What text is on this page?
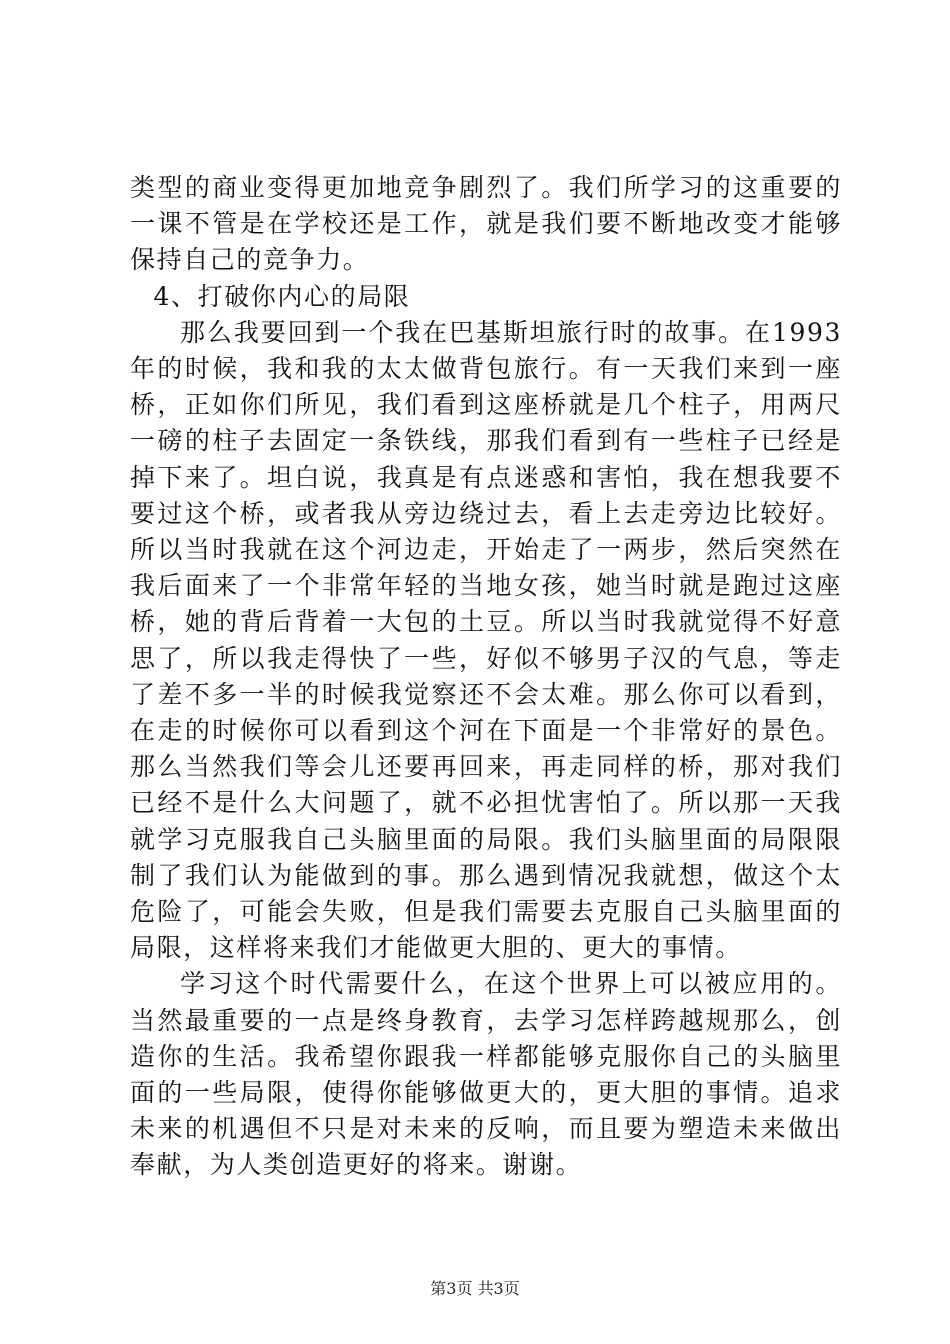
类型的商业变得更加地竞争剧烈了。我们所学习的这重要的一课不管是在学校还是工作，就是我们要不断地改变才能够保持自己的竞争力。

4、打破你内心的局限

那么我要回到一个我在巴基斯坦旅行时的故事。在1993年的时候，我和我的太太做背包旅行。有一天我们来到一座桥，正如你们所见，我们看到这座桥就是几个柱子，用两尺一磅的柱子去固定一条铁线，那我们看到有一些柱子已经是掉下来了。坦白说，我真是有点迷惑和害怕，我在想我要不要过这个桥，或者我从旁边绕过去，看上去走旁边比较好。所以当时我就在这个河边走，开始走了一两步，然后突然在我后面来了一个非常年轻的当地女孩，她当时就是跑过这座桥，她的背后背着一大包的土豆。所以当时我就觉得不好意思了，所以我走得快了一些，好似不够男子汉的气息，等走了差不多一半的时候我觉察还不会太难。那么你可以看到，在走的时候你可以看到这个河在下面是一个非常好的景色。那么当然我们等会儿还要再回来，再走同样的桥，那对我们已经不是什么大问题了，就不必担忧害怕了。所以那一天我就学习克服我自己头脑里面的局限。我们头脑里面的局限限制了我们认为能做到的事。那么遇到情况我就想，做这个太危险了，可能会失败，但是我们需要去克服自己头脑里面的局限，这样将来我们才能做更大胆的、更大的事情。

学习这个时代需要什么，在这个世界上可以被应用的。当然最重要的一点是终身教育，去学习怎样跨越规那么，创造你的生活。我希望你跟我一样都能够克服你自己的头脑里面的一些局限，使得你能够做更大的，更大胆的事情。追求未来的机遇但不只是对未来的反响，而且要为塑造未来做出奉献，为人类创造更好的将来。谢谢。

第3页 共3页
